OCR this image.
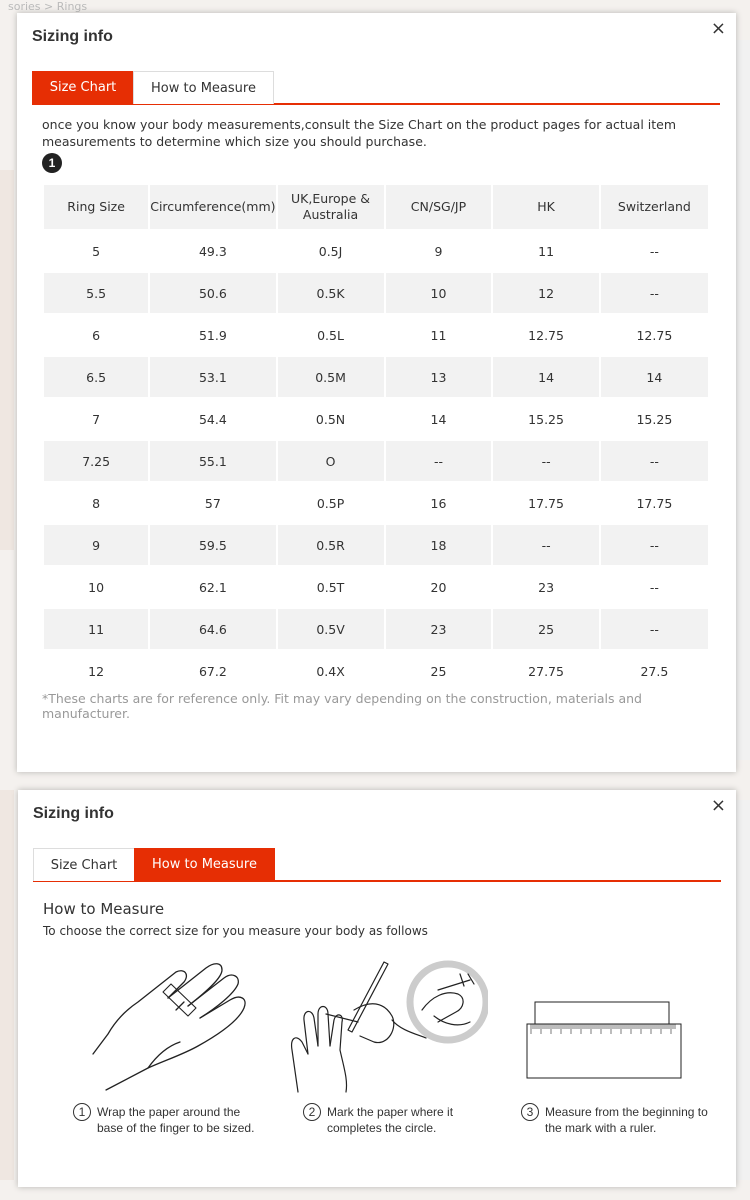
sories > Rings
Sizing info	×
Size Chart	How to Measure
once you know your body measurements,consult the Size Chart on the product pages for actual item measurements to determine which size you should purchase.
1
Ring Size	Circumference(mm)	UK,Europe & Australia	CN/SG/JP	HK	Switzerland
5	49.3	0.5J	9	11	--
5.5	50.6	0.5K	10	12	--
6	51.9	0.5L	11	12.75	12.75
6.5	53.1	0.5M	13	14	14
7	54.4	0.5N	14	15.25	15.25
7.25	55.1	O	--	--	--
8	57	0.5P	16	17.75	17.75
9	59.5	0.5R	18	--	--
10	62.1	0.5T	20	23	--
11	64.6	0.5V	23	25	--
12	67.2	0.4X	25	27.75	27.5
*These charts are for reference only. Fit may vary depending on the construction, materials and manufacturer.
Sizing info	×
Size Chart	How to Measure
How to Measure
To choose the correct size for you measure your body as follows
1 Wrap the paper around the
base of the finger to be sized.
2 Mark the paper where it
completes the circle.
3 Measure from the beginning to
the mark with a ruler.
